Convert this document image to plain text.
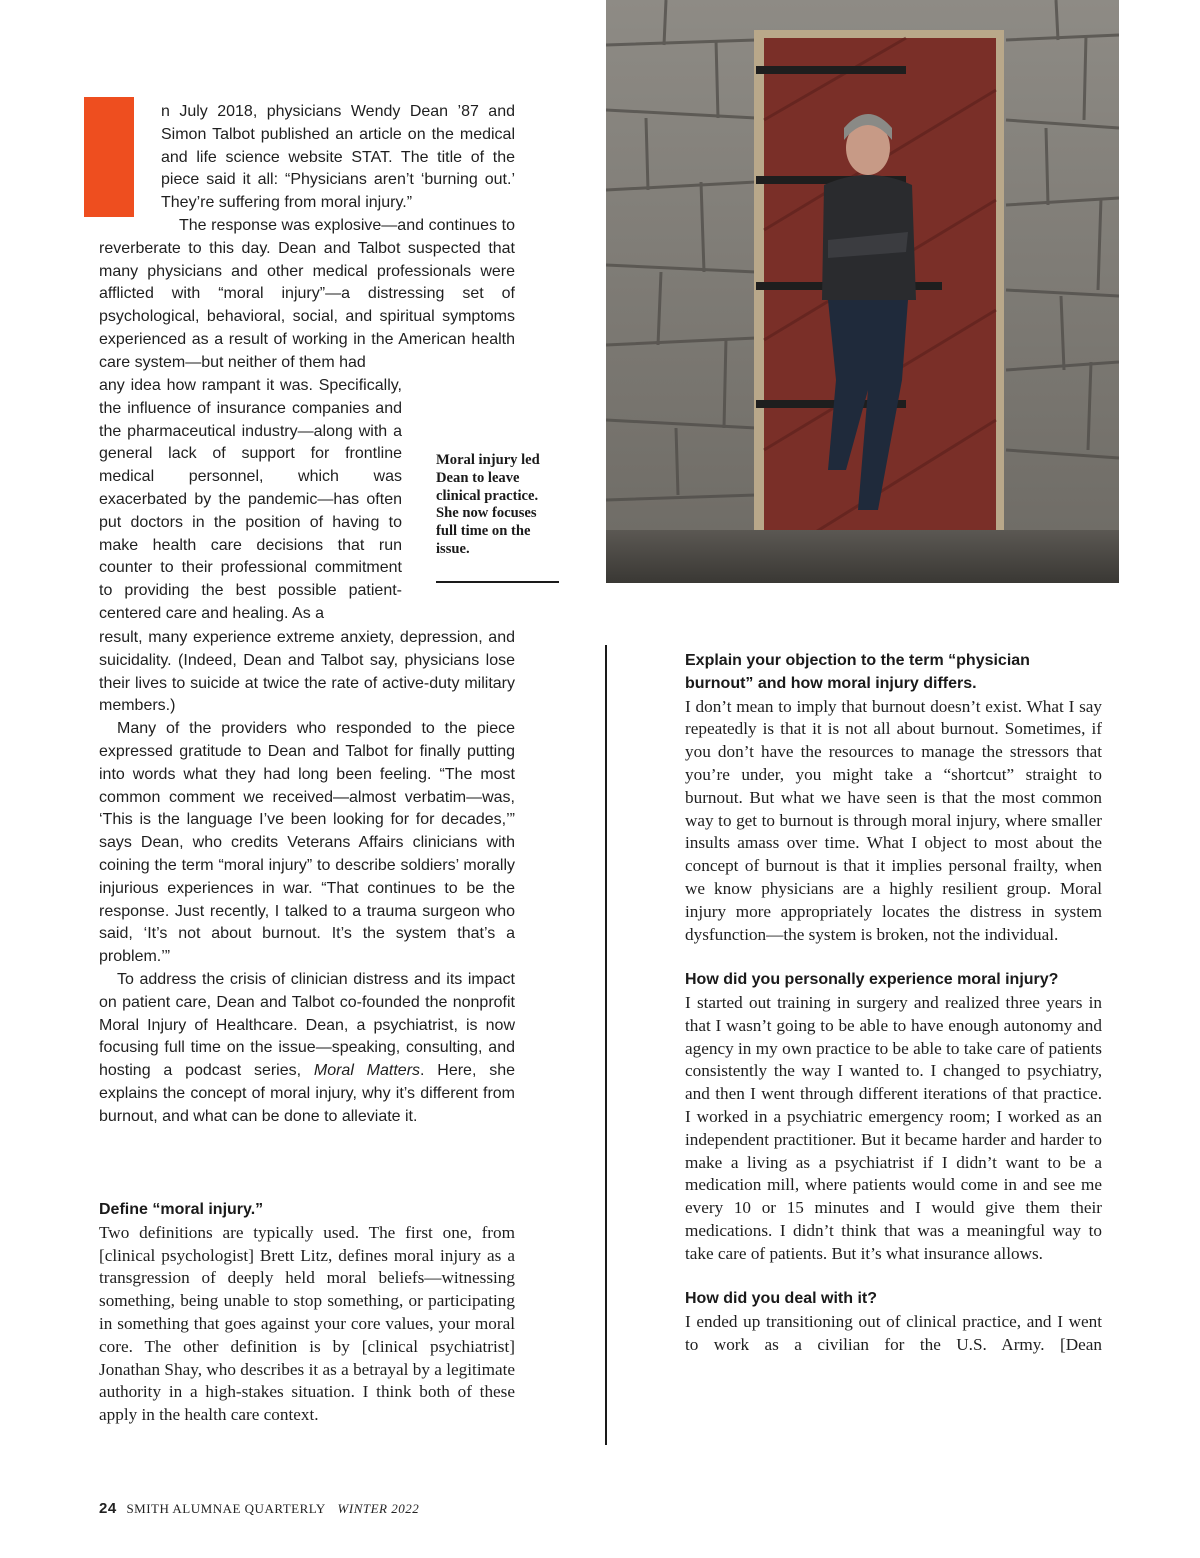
n July 2018, physicians Wendy Dean ’87 and Simon Talbot published an article on the medical and life science website STAT. The title of the piece said it all: “Physicians aren’t ‘burning out.’ They’re suffering from moral injury.”

The response was explosive—and continues to reverberate to this day. Dean and Talbot suspected that many physicians and other medical professionals were afflicted with “moral injury”—a distressing set of psychological, behavioral, social, and spiritual symptoms experienced as a result of working in the American health care system—but neither of them had

any idea how rampant it was. Specifically, the influence of insurance companies and the pharmaceutical industry—along with a general lack of support for frontline medical personnel, which was exacerbated by the pandemic—has often put doctors in the position of having to make health care decisions that run counter to their professional commitment to providing the best possible patient-centered care and healing. As a

Moral injury led Dean to leave clinical practice. She now focuses full time on the issue.

result, many experience extreme anxiety, depression, and suicidality. (Indeed, Dean and Talbot say, physicians lose their lives to suicide at twice the rate of active-duty military members.)

Many of the providers who responded to the piece expressed gratitude to Dean and Talbot for finally putting into words what they had long been feeling. “The most common comment we received—almost verbatim—was, ‘This is the language I’ve been looking for for decades,’” says Dean, who credits Veterans Affairs clinicians with coining the term “moral injury” to describe soldiers’ morally injurious experiences in war. “That continues to be the response. Just recently, I talked to a trauma surgeon who said, ‘It’s not about burnout. It’s the system that’s a problem.’”

To address the crisis of clinician distress and its impact on patient care, Dean and Talbot co-founded the nonprofit Moral Injury of Healthcare. Dean, a psychiatrist, is now focusing full time on the issue—speaking, consulting, and hosting a podcast series, Moral Matters. Here, she explains the concept of moral injury, why it’s different from burnout, and what can be done to alleviate it.

Define “moral injury.”

Two definitions are typically used. The first one, from [clinical psychologist] Brett Litz, defines moral injury as a transgression of deeply held moral beliefs—witnessing something, being unable to stop something, or participating in something that goes against your core values, your moral core. The other definition is by [clinical psychiatrist] Jonathan Shay, who describes it as a betrayal by a legitimate authority in a high-stakes situation. I think both of these apply in the health care context.

Explain your objection to the term “physician burnout” and how moral injury differs.

I don’t mean to imply that burnout doesn’t exist. What I say repeatedly is that it is not all about burnout. Sometimes, if you don’t have the resources to manage the stressors that you’re under, you might take a “shortcut” straight to burnout. But what we have seen is that the most common way to get to burnout is through moral injury, where smaller insults amass over time. What I object to most about the concept of burnout is that it implies personal frailty, when we know physicians are a highly resilient group. Moral injury more appropriately locates the distress in system dysfunction—the system is broken, not the individual.

How did you personally experience moral injury?

I started out training in surgery and realized three years in that I wasn’t going to be able to have enough autonomy and agency in my own practice to be able to take care of patients consistently the way I wanted to. I changed to psychiatry, and then I went through different iterations of that practice. I worked in a psychiatric emergency room; I worked as an independent practitioner. But it became harder and harder to make a living as a psychiatrist if I didn’t want to be a medication mill, where patients would come in and see me every 10 or 15 minutes and I would give them their medications. I didn’t think that was a meaningful way to take care of patients. But it’s what insurance allows.

How did you deal with it?

I ended up transitioning out of clinical practice, and I went to work as a civilian for the U.S. Army. [Dean

24 SMITH ALUMNAE QUARTERLY WINTER 2022
